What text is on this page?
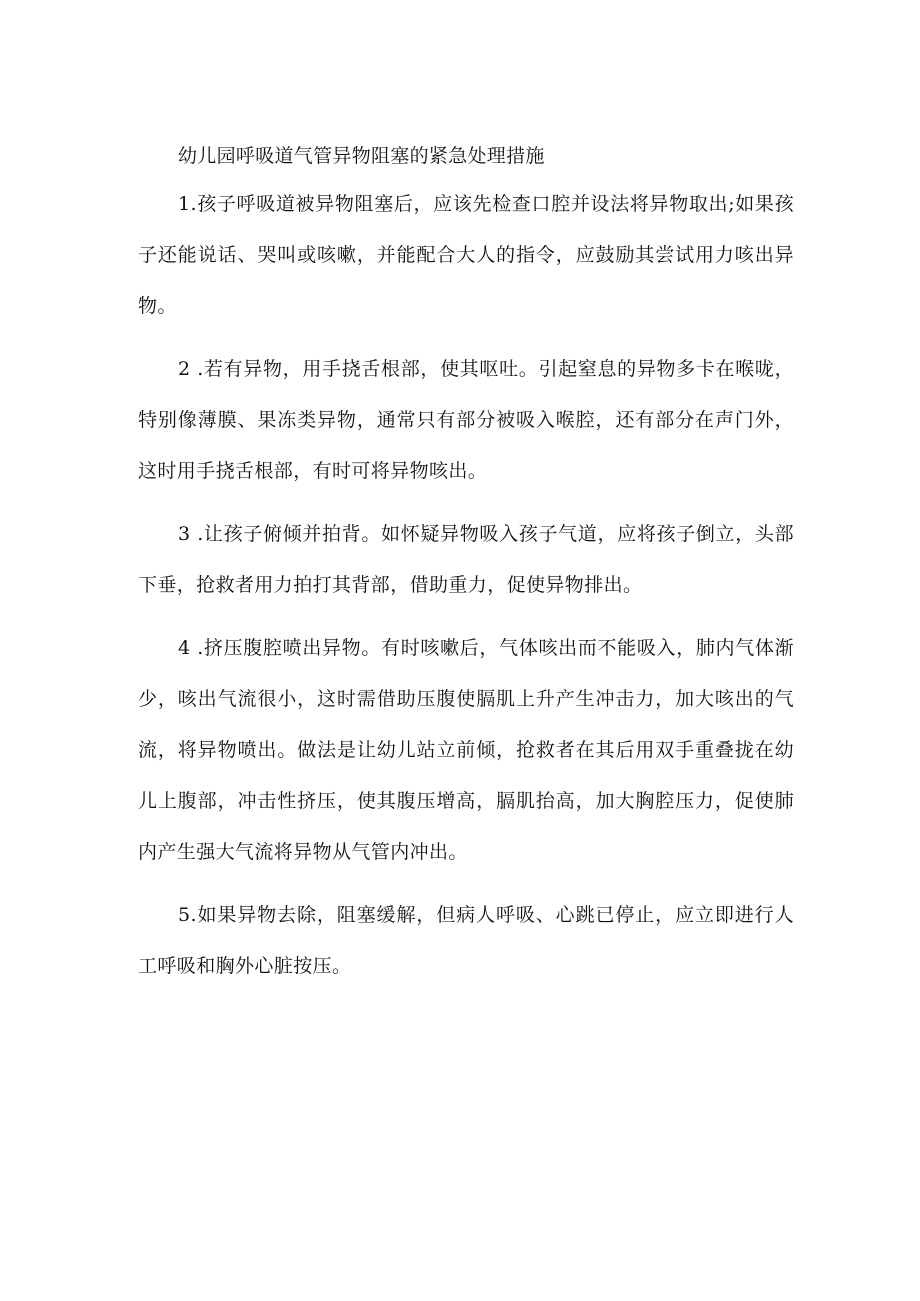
幼儿园呼吸道气管异物阻塞的紧急处理措施

1.孩子呼吸道被异物阻塞后，应该先检查口腔并设法将异物取出;如果孩子还能说话、哭叫或咳嗽，并能配合大人的指令，应鼓励其尝试用力咳出异物。

2 .若有异物，用手挠舌根部，使其呕吐。引起窒息的异物多卡在喉咙，特别像薄膜、果冻类异物，通常只有部分被吸入喉腔，还有部分在声门外，这时用手挠舌根部，有时可将异物咳出。

3 .让孩子俯倾并拍背。如怀疑异物吸入孩子气道，应将孩子倒立，头部下垂，抢救者用力拍打其背部，借助重力，促使异物排出。

4 .挤压腹腔喷出异物。有时咳嗽后，气体咳出而不能吸入，肺内气体渐少，咳出气流很小，这时需借助压腹使膈肌上升产生冲击力，加大咳出的气流，将异物喷出。做法是让幼儿站立前倾，抢救者在其后用双手重叠拢在幼儿上腹部，冲击性挤压，使其腹压增高，膈肌抬高，加大胸腔压力，促使肺内产生强大气流将异物从气管内冲出。

5.如果异物去除，阻塞缓解，但病人呼吸、心跳已停止，应立即进行人工呼吸和胸外心脏按压。
